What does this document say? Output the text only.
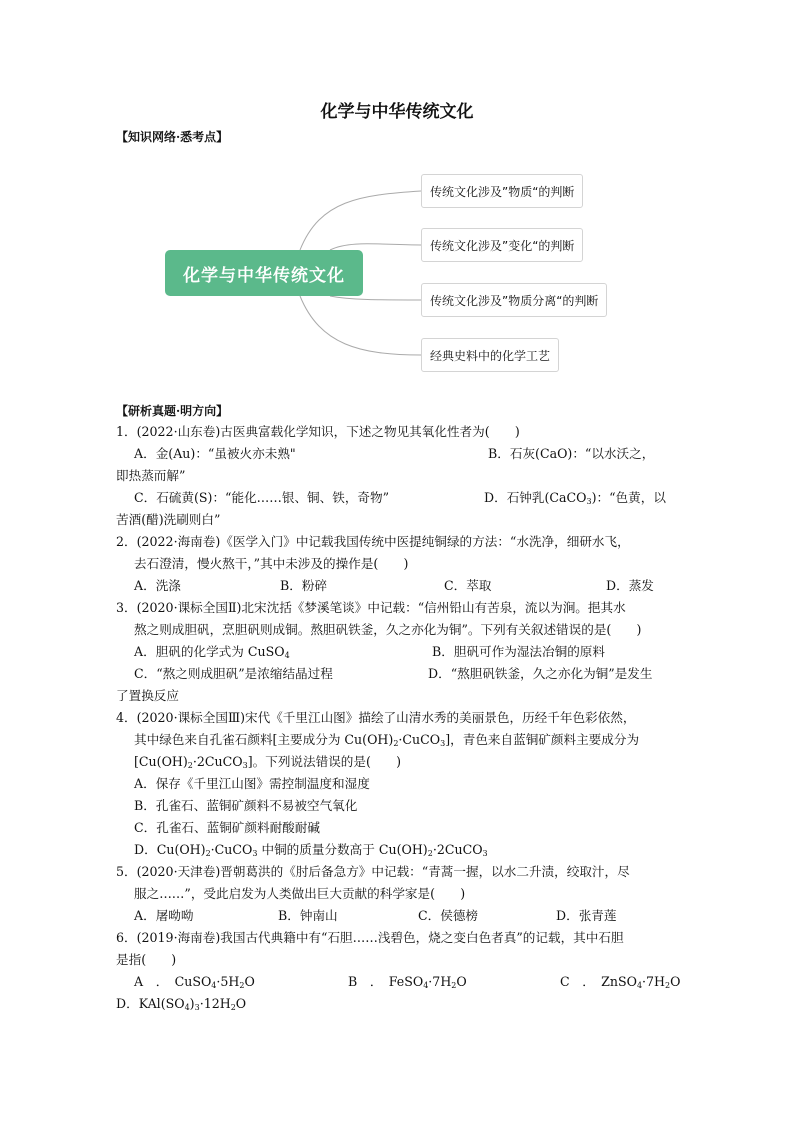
化学与中华传统文化
【知识网络·悉考点】
化学与中华传统文化
传统文化涉及”物质“的判断
传统文化涉及”变化“的判断
传统文化涉及”物质分离“的判断
经典史料中的化学工艺
【研析真题·明方向】
1．(2022·山东卷)古医典富载化学知识，下述之物见其氧化性者为(　　)
A．金(Au)：“虽被火亦未熟"	B．石灰(CaO)：“以水沃之，
即热蒸而解”
C．石硫黄(S)：“能化……银、铜、铁，奇物”	D．石钟乳(CaCO$_3$)：“色黄，以
苦酒(醋)洗刷则白”
2．(2022·海南卷)《医学入门》中记载我国传统中医提纯铜绿的方法：“水洗净，细研水飞，
去石澄清，慢火熬干，”其中未涉及的操作是(　　)
A．洗涤	B．粉碎	C．萃取	D．蒸发
3．(2020·课标全国Ⅱ)北宋沈括《梦溪笔谈》中记载：“信州铅山有苦泉，流以为涧。挹其水
熬之则成胆矾，烹胆矾则成铜。熬胆矾铁釜，久之亦化为铜”。下列有关叙述错误的是(　　)
A．胆矾的化学式为 CuSO$_4$	B．胆矾可作为湿法冶铜的原料
C．“熬之则成胆矾”是浓缩结晶过程	D．“熬胆矾铁釜，久之亦化为铜”是发生
了置换反应
4．(2020·课标全国Ⅲ)宋代《千里江山图》描绘了山清水秀的美丽景色，历经千年色彩依然，
其中绿色来自孔雀石颜料[主要成分为 $Cu(OH)_2\cdot CuCO_3$]，青色来自蓝铜矿颜料主要成分为
$[Cu(OH)_2\cdot 2CuCO_3]$。下列说法错误的是(　　)
A．保存《千里江山图》需控制温度和湿度
B．孔雀石、蓝铜矿颜料不易被空气氧化
C．孔雀石、蓝铜矿颜料耐酸耐碱
D．$Cu(OH)_2\cdot CuCO_3$ 中铜的质量分数高于 $Cu(OH)_2\cdot 2CuCO_3$
5．(2020·天津卷)晋朝葛洪的《肘后备急方》中记载：“青蒿一握，以水二升渍，绞取汁，尽
服之……”，受此启发为人类做出巨大贡献的科学家是(　　)
A．屠呦呦	B．钟南山	C．侯德榜	D．张青莲
6．(2019·海南卷)我国古代典籍中有“石胆……浅碧色，烧之变白色者真”的记载，其中石胆
是指(　　)
A　．　$CuSO_4\cdot 5H_2O$	B　．　$FeSO_4\cdot 7H_2O$	C　．　$ZnSO_4\cdot 7H_2O$
D．$KAl(SO_4)_3\cdot 12H_2O$
